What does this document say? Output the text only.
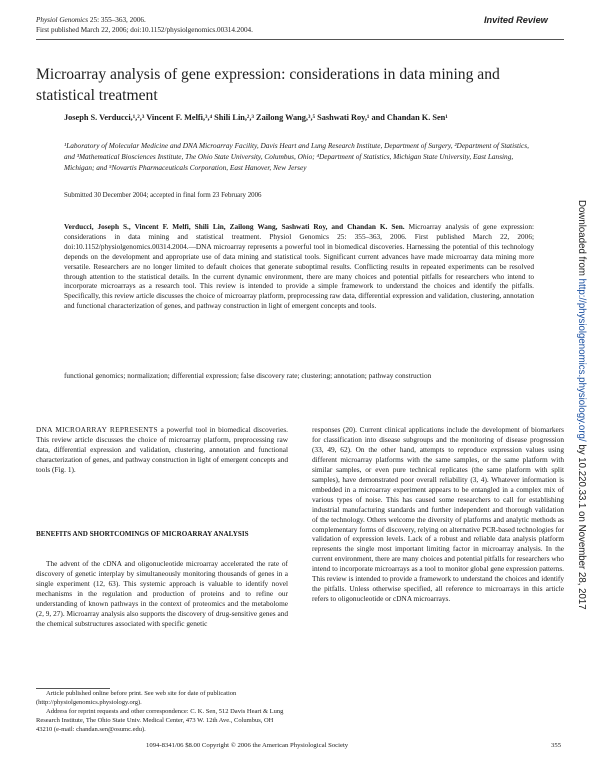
Physiol Genomics 25: 355–363, 2006.
First published March 22, 2006; doi:10.1152/physiolgenomics.00314.2004.
Invited Review
Microarray analysis of gene expression: considerations in data mining and statistical treatment
Joseph S. Verducci,¹,²,³ Vincent F. Melfi,³,⁴ Shili Lin,²,³ Zailong Wang,³,⁵ Sashwati Roy,¹ and Chandan K. Sen¹
¹Laboratory of Molecular Medicine and DNA Microarray Facility, Davis Heart and Lung Research Institute, Department of Surgery, ²Department of Statistics, and ³Mathematical Biosciences Institute, The Ohio State University, Columbus, Ohio; ⁴Department of Statistics, Michigan State University, East Lansing, Michigan; and ⁵Novartis Pharmaceuticals Corporation, East Hanover, New Jersey
Submitted 30 December 2004; accepted in final form 23 February 2006
Verducci, Joseph S., Vincent F. Melfi, Shili Lin, Zailong Wang, Sashwati Roy, and Chandan K. Sen. Microarray analysis of gene expression: considerations in data mining and statistical treatment. Physiol Genomics 25: 355–363, 2006. First published March 22, 2006; doi:10.1152/physiolgenomics.00314.2004.—DNA microarray represents a powerful tool in biomedical discoveries. Harnessing the potential of this technology depends on the development and appropriate use of data mining and statistical tools. Significant current advances have made microarray data mining more versatile. Researchers are no longer limited to default choices that generate suboptimal results. Conflicting results in repeated experiments can be resolved through attention to the statistical details. In the current dynamic environment, there are many choices and potential pitfalls for researchers who intend to incorporate microarrays as a research tool. This review is intended to provide a simple framework to understand the choices and identify the pitfalls. Specifically, this review article discusses the choice of microarray platform, preprocessing raw data, differential expression and validation, clustering, annotation and functional characterization of genes, and pathway construction in light of emergent concepts and tools.
functional genomics; normalization; differential expression; false discovery rate; clustering; annotation; pathway construction
DNA MICROARRAY REPRESENTS a powerful tool in biomedical discoveries. This review article discusses the choice of microarray platform, preprocessing raw data, differential expression and validation, clustering, annotation and functional characterization of genes, and pathway construction in light of emergent concepts and tools (Fig. 1).
BENEFITS AND SHORTCOMINGS OF MICROARRAY ANALYSIS
The advent of the cDNA and oligonucleotide microarray accelerated the rate of discovery of genetic interplay by simultaneously monitoring thousands of genes in a single experiment (12, 63). This systemic approach is valuable to identify novel mechanisms in the regulation and production of proteins and to refine our understanding of known pathways in the context of proteomics and the metabolome (2, 9, 27). Microarray analysis also supports the discovery of drug-sensitive genes and the chemical substructures associated with specific genetic
responses (20). Current clinical applications include the development of biomarkers for classification into disease subgroups and the monitoring of disease progression (33, 49, 62). On the other hand, attempts to reproduce expression values using different microarray platforms with the same samples, or the same platform with similar samples, or even pure technical replicates (the same platform with split samples), have demonstrated poor overall reliability (3, 4). Whatever information is embedded in a microarray experiment appears to be entangled in a complex mix of various types of noise. This has caused some researchers to call for establishing industrial manufacturing standards and further independent and thorough validation of the technology. Others welcome the diversity of platforms and analytic methods as complementary forms of discovery, relying on alternative PCR-based technologies for validation of expression levels. Lack of a robust and reliable data analysis platform represents the single most important limiting factor in microarray analysis. In the current environment, there are many choices and potential pitfalls for researchers who intend to incorporate microarrays as a tool to monitor global gene expression patterns. This review is intended to provide a framework to understand the choices and identify the pitfalls. Unless otherwise specified, all reference to microarrays in this article refers to oligonucleotide or cDNA microarrays.
Article published online before print. See web site for date of publication (http://physiolgenomics.physiology.org).
Address for reprint requests and other correspondence: C. K. Sen, 512 Davis Heart & Lung Research Institute, The Ohio State Univ. Medical Center, 473 W. 12th Ave., Columbus, OH 43210 (e-mail: chandan.sen@osumc.edu).
1094-8341/06 $8.00 Copyright © 2006 the American Physiological Society	355
Downloaded from http://physiolgenomics.physiology.org/ by 10.220.33.1 on November 28, 2017
